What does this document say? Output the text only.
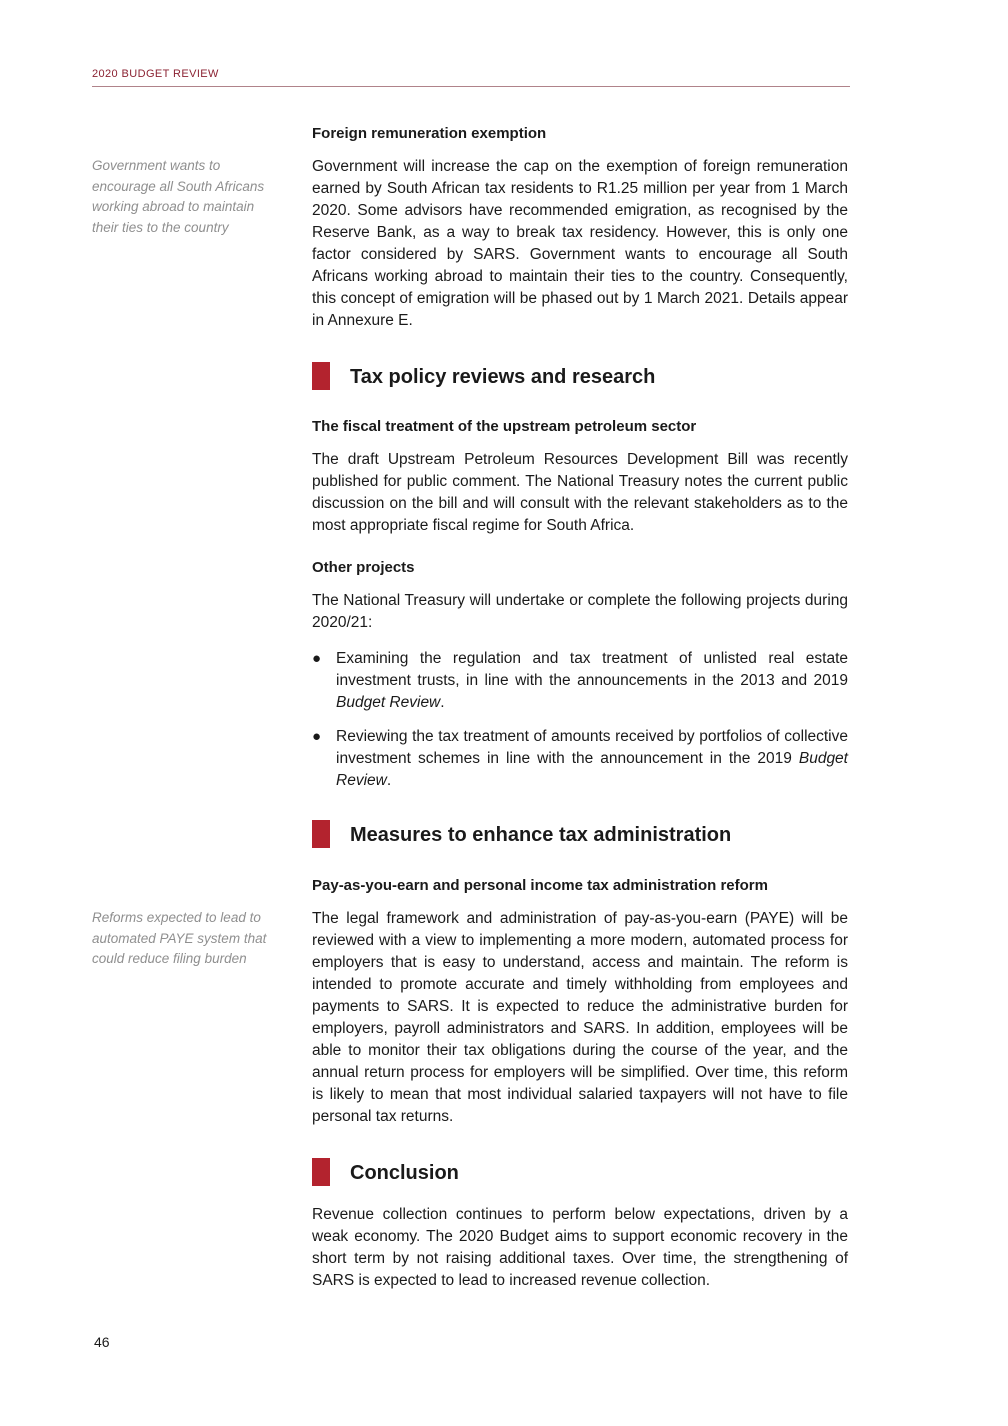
2020 BUDGET REVIEW
Government wants to encourage all South Africans working abroad to maintain their ties to the country
Reforms expected to lead to automated PAYE system that could reduce filing burden

Foreign remuneration exemption

Government will increase the cap on the exemption of foreign remuneration earned by South African tax residents to R1.25 million per year from 1 March 2020. Some advisors have recommended emigration, as recognised by the Reserve Bank, as a way to break tax residency. However, this is only one factor considered by SARS. Government wants to encourage all South Africans working abroad to maintain their ties to the country. Consequently, this concept of emigration will be phased out by 1 March 2021. Details appear in Annexure E.

Tax policy reviews and research

The fiscal treatment of the upstream petroleum sector

The draft Upstream Petroleum Resources Development Bill was recently published for public comment. The National Treasury notes the current public discussion on the bill and will consult with the relevant stakeholders as to the most appropriate fiscal regime for South Africa.

Other projects

The National Treasury will undertake or complete the following projects during 2020/21:

● Examining the regulation and tax treatment of unlisted real estate investment trusts, in line with the announcements in the 2013 and 2019 Budget Review.
● Reviewing the tax treatment of amounts received by portfolios of collective investment schemes in line with the announcement in the 2019 Budget Review.
Measures to enhance tax administration

Pay-as-you-earn and personal income tax administration reform

The legal framework and administration of pay-as-you-earn (PAYE) will be reviewed with a view to implementing a more modern, automated process for employers that is easy to understand, access and maintain. The reform is intended to promote accurate and timely withholding from employees and payments to SARS. It is expected to reduce the administrative burden for employers, payroll administrators and SARS. In addition, employees will be able to monitor their tax obligations during the course of the year, and the annual return process for employers will be simplified. Over time, this reform is likely to mean that most individual salaried taxpayers will not have to file personal tax returns.

Conclusion

Revenue collection continues to perform below expectations, driven by a weak economy. The 2020 Budget aims to support economic recovery in the short term by not raising additional taxes. Over time, the strengthening of SARS is expected to lead to increased revenue collection.

46
